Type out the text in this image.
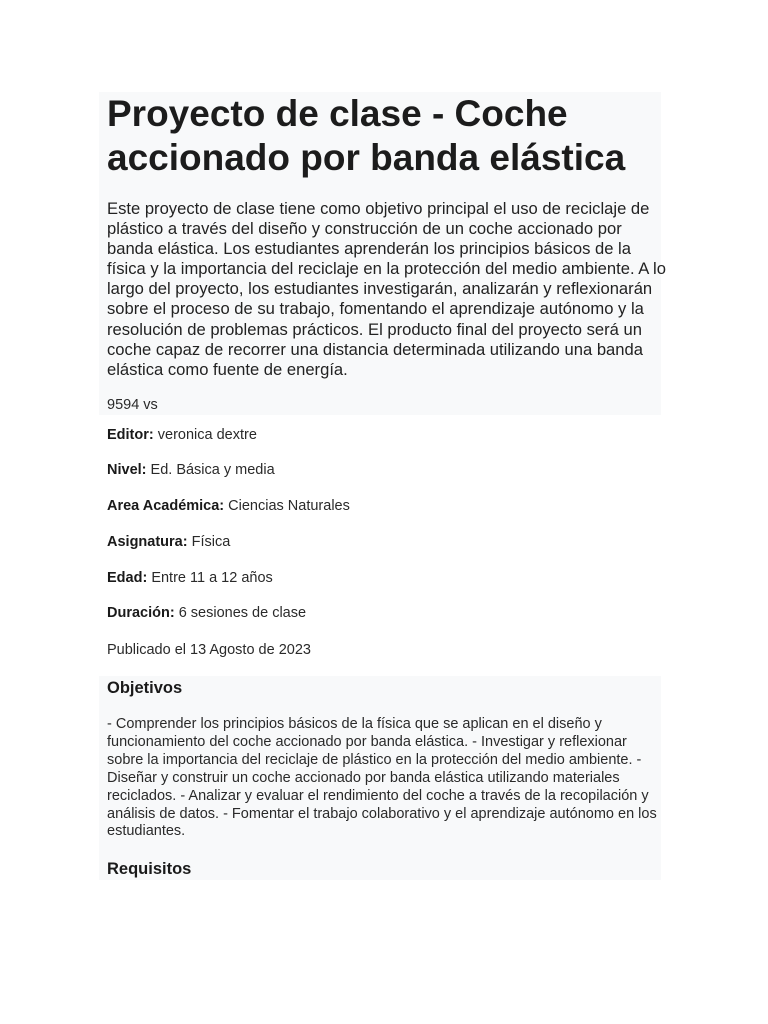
Proyecto de clase - Coche accionado por banda elástica

Este proyecto de clase tiene como objetivo principal el uso de reciclaje de plástico a través del diseño y construcción de un coche accionado por banda elástica. Los estudiantes aprenderán los principios básicos de la física y la importancia del reciclaje en la protección del medio ambiente. A lo largo del proyecto, los estudiantes investigarán, analizarán y reflexionarán sobre el proceso de su trabajo, fomentando el aprendizaje autónomo y la resolución de problemas prácticos. El producto final del proyecto será un coche capaz de recorrer una distancia determinada utilizando una banda elástica como fuente de energía.

9594 vs

Editor: veronica dextre

Nivel: Ed. Básica y media

Area Académica: Ciencias Naturales

Asignatura: Física

Edad: Entre 11 a 12 años

Duración: 6 sesiones de clase

Publicado el 13 Agosto de 2023

Objetivos

- Comprender los principios básicos de la física que se aplican en el diseño y funcionamiento del coche accionado por banda elástica. - Investigar y reflexionar sobre la importancia del reciclaje de plástico en la protección del medio ambiente. - Diseñar y construir un coche accionado por banda elástica utilizando materiales reciclados. - Analizar y evaluar el rendimiento del coche a través de la recopilación y análisis de datos. - Fomentar el trabajo colaborativo y el aprendizaje autónomo en los estudiantes.

Requisitos
